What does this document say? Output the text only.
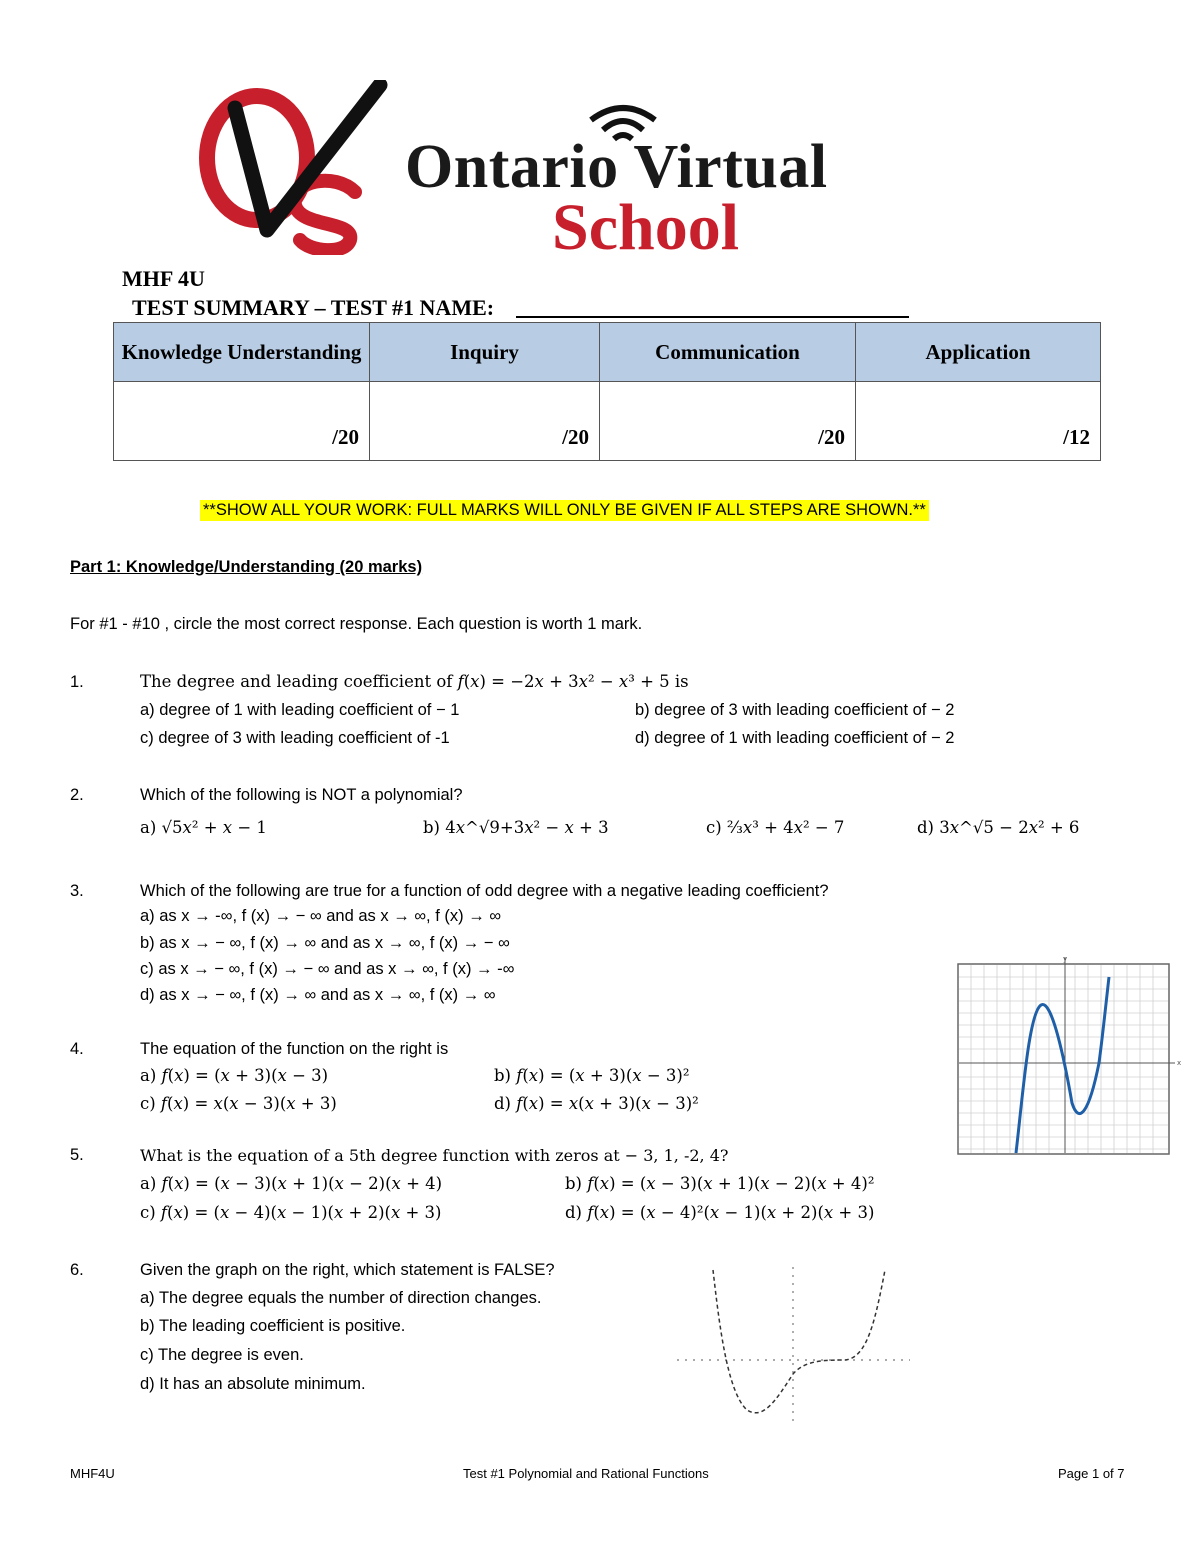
Ontario Virtual
School
MHF 4U
TEST SUMMARY – TEST #1 NAME:
Knowledge Understanding	Inquiry	Communication	Application
/20	/20	/20	/12
**SHOW ALL YOUR WORK: FULL MARKS WILL ONLY BE GIVEN IF ALL STEPS ARE SHOWN.**
Part 1: Knowledge/Understanding (20 marks)
For #1 - #10 , circle the most correct response. Each question is worth 1 mark.
1.	The degree and leading coefficient of 𝑓(𝑥) = −2𝑥 + 3𝑥² − 𝑥³ + 5 is
a) degree of 1 with leading coefficient of − 1	b) degree of 3 with leading coefficient of − 2
c) degree of 3 with leading coefficient of -1	d) degree of 1 with leading coefficient of − 2
2.	Which of the following is NOT a polynomial?
a) √5𝑥² + 𝑥 − 1	b) 4𝑥^√9+3𝑥² − 𝑥 + 3	c) ⅔𝑥³ + 4𝑥² − 7	d) 3𝑥^√5 − 2𝑥² + 6
3.	Which of the following are true for a function of odd degree with a negative leading coefficient?
a) as x → -∞, f (x) → − ∞ and as x → ∞, f (x) → ∞
b) as x → − ∞, f (x) → ∞ and as x → ∞, f (x) → − ∞
c) as x → − ∞, f (x) → − ∞ and as x → ∞, f (x) → -∞
d) as x → − ∞, f (x) → ∞ and as x → ∞, f (x) → ∞
x
y
4.	The equation of the function on the right is
a) 𝑓(𝑥) = (𝑥 + 3)(𝑥 − 3)	b) 𝑓(𝑥) = (𝑥 + 3)(𝑥 − 3)²
c) 𝑓(𝑥) = 𝑥(𝑥 − 3)(𝑥 + 3)	d) 𝑓(𝑥) = 𝑥(𝑥 + 3)(𝑥 − 3)²
5.	What is the equation of a 5th degree function with zeros at − 3, 1, -2, 4?
a) 𝑓(𝑥) = (𝑥 − 3)(𝑥 + 1)(𝑥 − 2)(𝑥 + 4)	b) 𝑓(𝑥) = (𝑥 − 3)(𝑥 + 1)(𝑥 − 2)(𝑥 + 4)²
c) 𝑓(𝑥) = (𝑥 − 4)(𝑥 − 1)(𝑥 + 2)(𝑥 + 3)	d) 𝑓(𝑥) = (𝑥 − 4)²(𝑥 − 1)(𝑥 + 2)(𝑥 + 3)
6.	Given the graph on the right, which statement is FALSE?
a) The degree equals the number of direction changes.
b) The leading coefficient is positive.
c) The degree is even.
d) It has an absolute minimum.
MHF4U	Test #1 Polynomial and Rational Functions	Page 1 of 7
